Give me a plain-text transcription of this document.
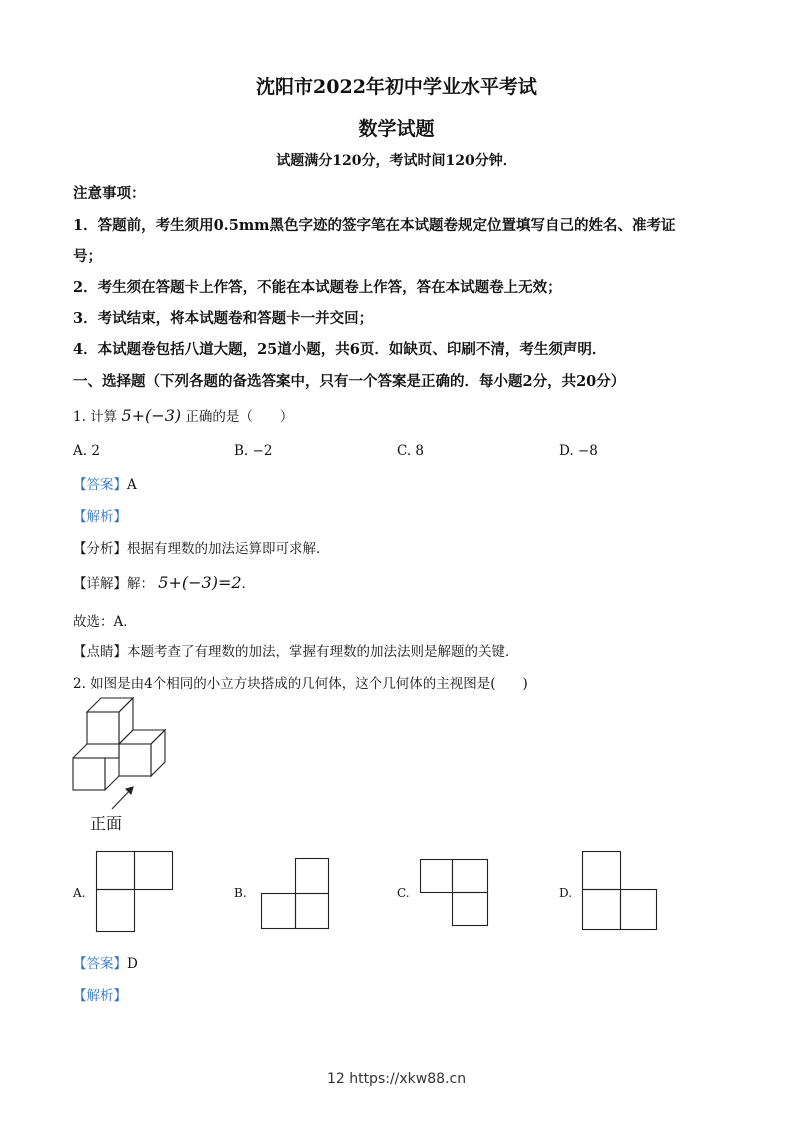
沈阳市2022年初中学业水平考试
数学试题
试题满分120分，考试时间120分钟．
注意事项：
1．答题前，考生须用0.5mm黑色字迹的签字笔在本试题卷规定位置填写自己的姓名、准考证
号；
2．考生须在答题卡上作答，不能在本试题卷上作答，答在本试题卷上无效；
3．考试结束，将本试题卷和答题卡一并交回；
4．本试题卷包括八道大题，25道小题，共6页．如缺页、印刷不清，考生须声明．
一、选择题（下列各题的备选答案中，只有一个答案是正确的．每小题2分，共20分）
1. 计算 5+(−3) 正确的是（　　）
A. 2	B. −2	C. 8	D. −8
【答案】A
【解析】
【分析】根据有理数的加法运算即可求解．
【详解】解： 5+(−3)=2．
故选：A．
【点睛】本题考查了有理数的加法，掌握有理数的加法法则是解题的关键．
2. 如图是由4个相同的小立方块搭成的几何体，这个几何体的主视图是(　　)
正面
A.	B.	C.	D.
【答案】D
【解析】
12 https://xkw88.cn
